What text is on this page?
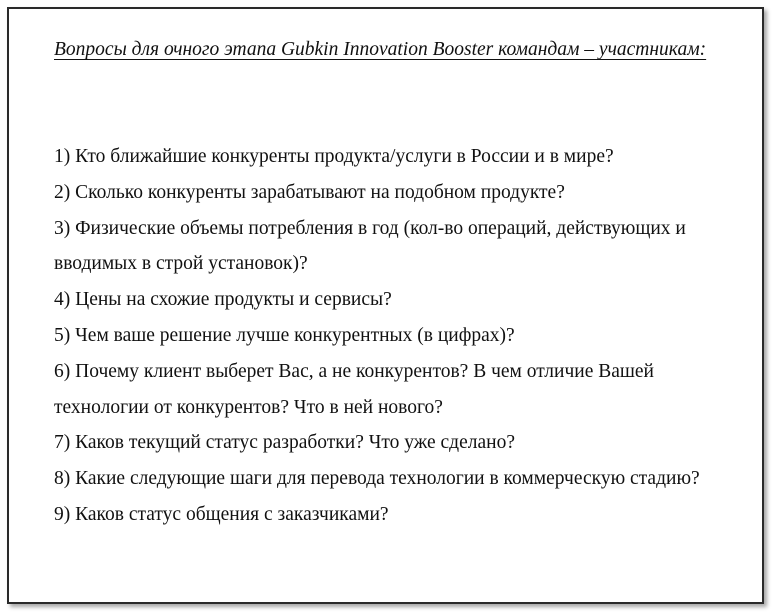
Вопросы для очного этапа Gubkin Innovation Booster командам – участникам:
1) Кто ближайшие конкуренты продукта/услуги в России и в мире?
2) Сколько конкуренты зарабатывают на подобном продукте?
3) Физические объемы потребления в год (кол-во операций, действующих и вводимых в строй установок)?
4) Цены на схожие продукты и сервисы?
5) Чем ваше решение лучше конкурентных (в цифрах)?
6) Почему клиент выберет Вас, а не конкурентов? В чем отличие Вашей технологии от конкурентов? Что в ней нового?
7) Каков текущий статус разработки? Что уже сделано?
8) Какие следующие шаги для перевода технологии в коммерческую стадию?
9) Каков статус общения с заказчиками?
